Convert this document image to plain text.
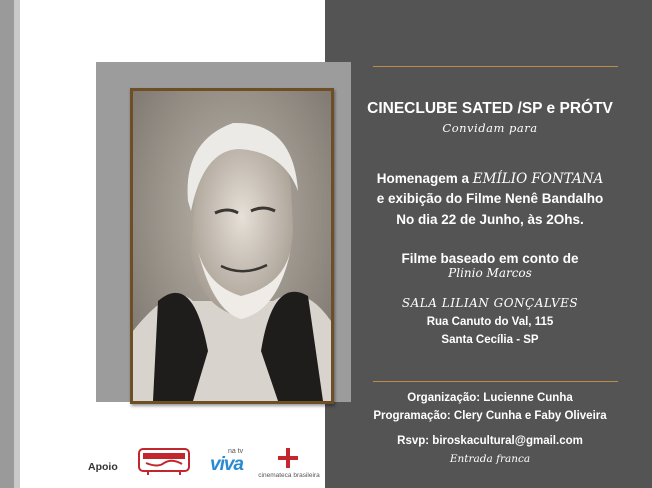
CINECLUBE SATED /SP e PRÓTV
Convidam para
Homenagem a EMÍLIO FONTANA
e exibição do Filme Nenê Bandalho
No dia 22 de Junho, às 2Ohs.
Filme baseado em conto de
Plinio Marcos
SALA LILIAN GONÇALVES
Rua Canuto do Val, 115
Santa Cecília - SP
Organização: Lucienne Cunha
Programação: Clery Cunha e Faby Oliveira
Rsvp: biroskacultural@gmail.com
Entrada franca
Apoio
na tv
viva
cinemateca brasileira
